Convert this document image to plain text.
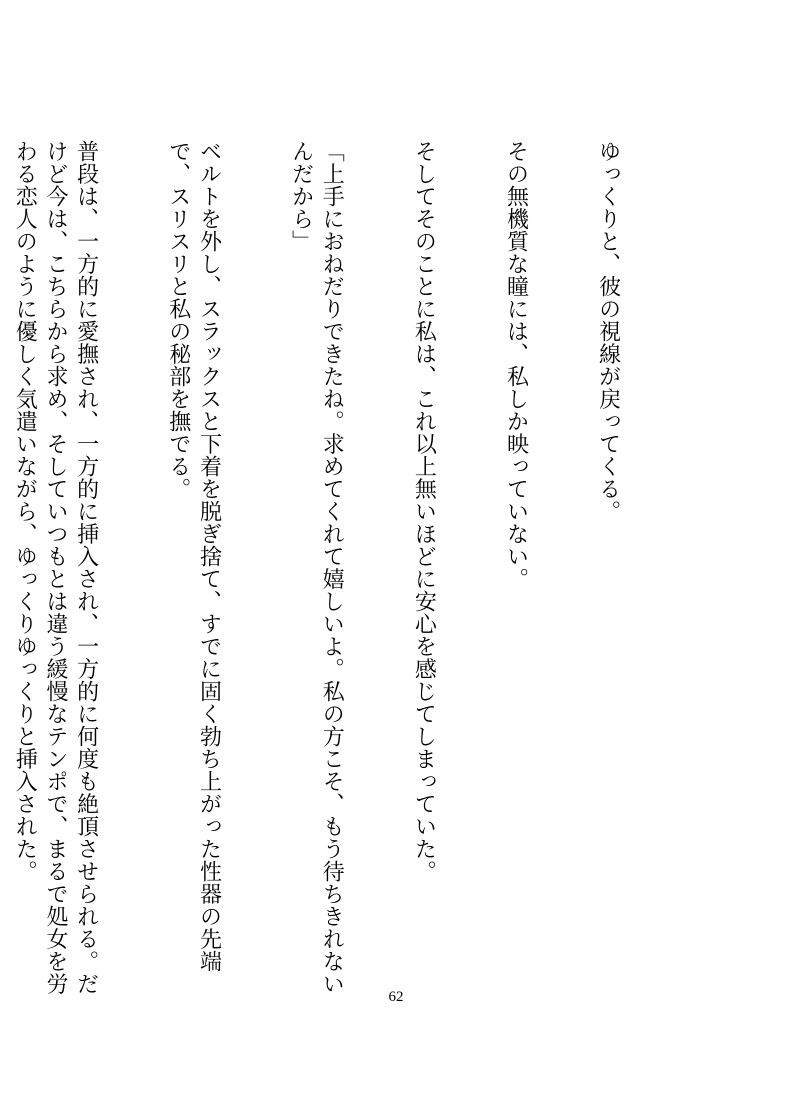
ゆっくりと、彼の視線が戻ってくる。

その無機質な瞳には、私しか映っていない。

そしてそのことに私は、これ以上無いほどに安心を感じてしまっていた。

「上手におねだりできたね。求めてくれて嬉しいよ。私の方こそ、もう待ちきれないんだから」

ベルトを外し、スラックスと下着を脱ぎ捨て、すでに固く勃ち上がった性器の先端で、スリスリと私の秘部を撫でる。

普段は、一方的に愛撫され、一方的に挿入され、一方的に何度も絶頂させられる。だけど今は、こちらから求め、そしていつもとは違う緩慢なテンポで、まるで処女を労わる恋人のように優しく気遣いながら、ゆっくりゆっくりと挿入された。

62
